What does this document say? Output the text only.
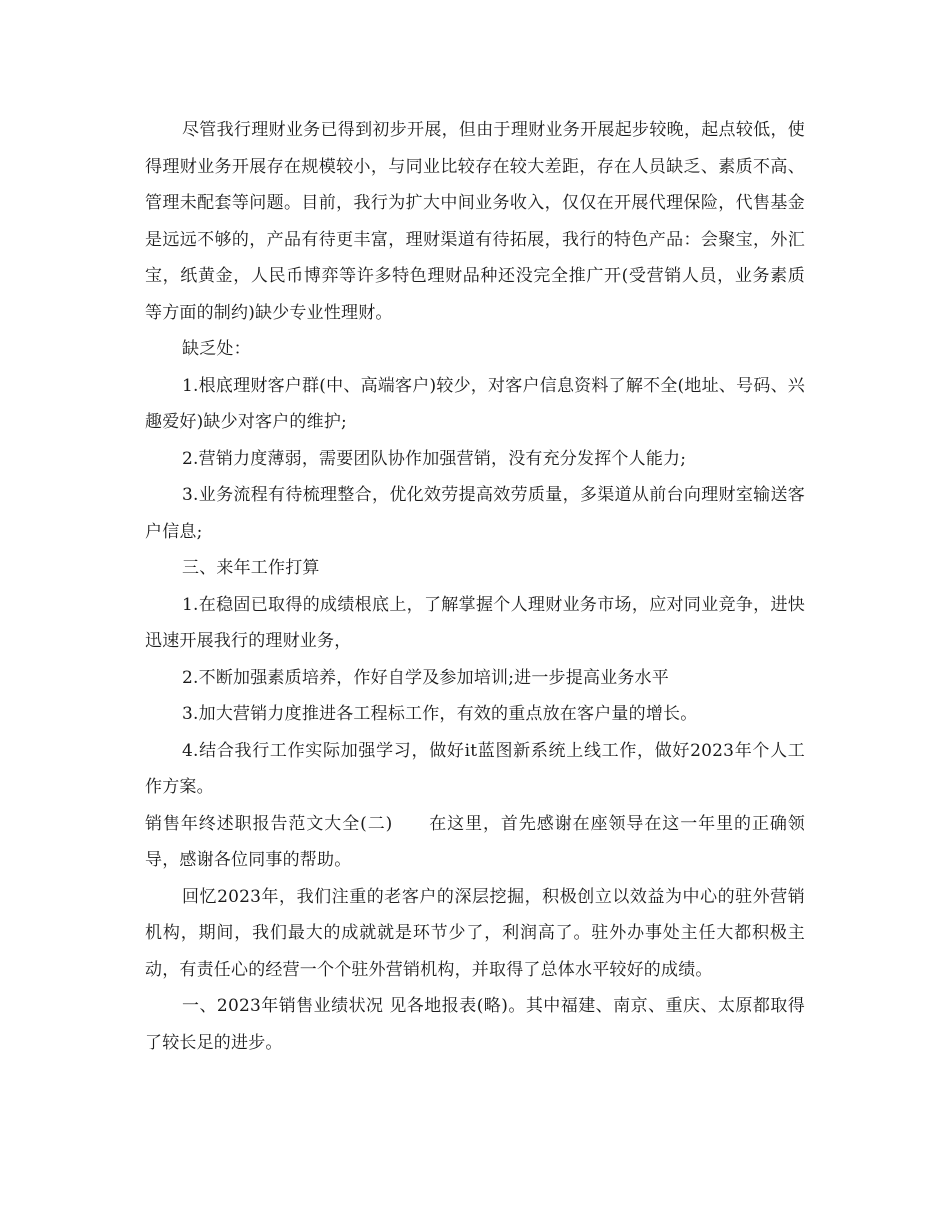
尽管我行理财业务已得到初步开展，但由于理财业务开展起步较晚，起点较低，使得理财业务开展存在规模较小，与同业比较存在较大差距，存在人员缺乏、素质不高、管理未配套等问题。目前，我行为扩大中间业务收入，仅仅在开展代理保险，代售基金是远远不够的，产品有待更丰富，理财渠道有待拓展，我行的特色产品：会聚宝，外汇宝，纸黄金，人民币博弈等许多特色理财品种还没完全推广开(受营销人员，业务素质等方面的制约)缺少专业性理财。

缺乏处：

1.根底理财客户群(中、高端客户)较少，对客户信息资料了解不全(地址、号码、兴趣爱好)缺少对客户的维护;

2.营销力度薄弱，需要团队协作加强营销，没有充分发挥个人能力;

3.业务流程有待梳理整合，优化效劳提高效劳质量，多渠道从前台向理财室输送客户信息;

三、来年工作打算

1.在稳固已取得的成绩根底上，了解掌握个人理财业务市场，应对同业竞争，进快迅速开展我行的理财业务，

2.不断加强素质培养，作好自学及参加培训;进一步提高业务水平

3.加大营销力度推进各工程标工作，有效的重点放在客户量的增长。

4.结合我行工作实际加强学习，做好it蓝图新系统上线工作，做好2023年个人工作方案。

销售年终述职报告范文大全(二) 在这里，首先感谢在座领导在这一年里的正确领导，感谢各位同事的帮助。

回忆2023年，我们注重的老客户的深层挖掘，积极创立以效益为中心的驻外营销机构，期间，我们最大的成就就是环节少了，利润高了。驻外办事处主任大都积极主动，有责任心的经营一个个驻外营销机构，并取得了总体水平较好的成绩。

一、2023年销售业绩状况 见各地报表(略)。其中福建、南京、重庆、太原都取得了较长足的进步。
